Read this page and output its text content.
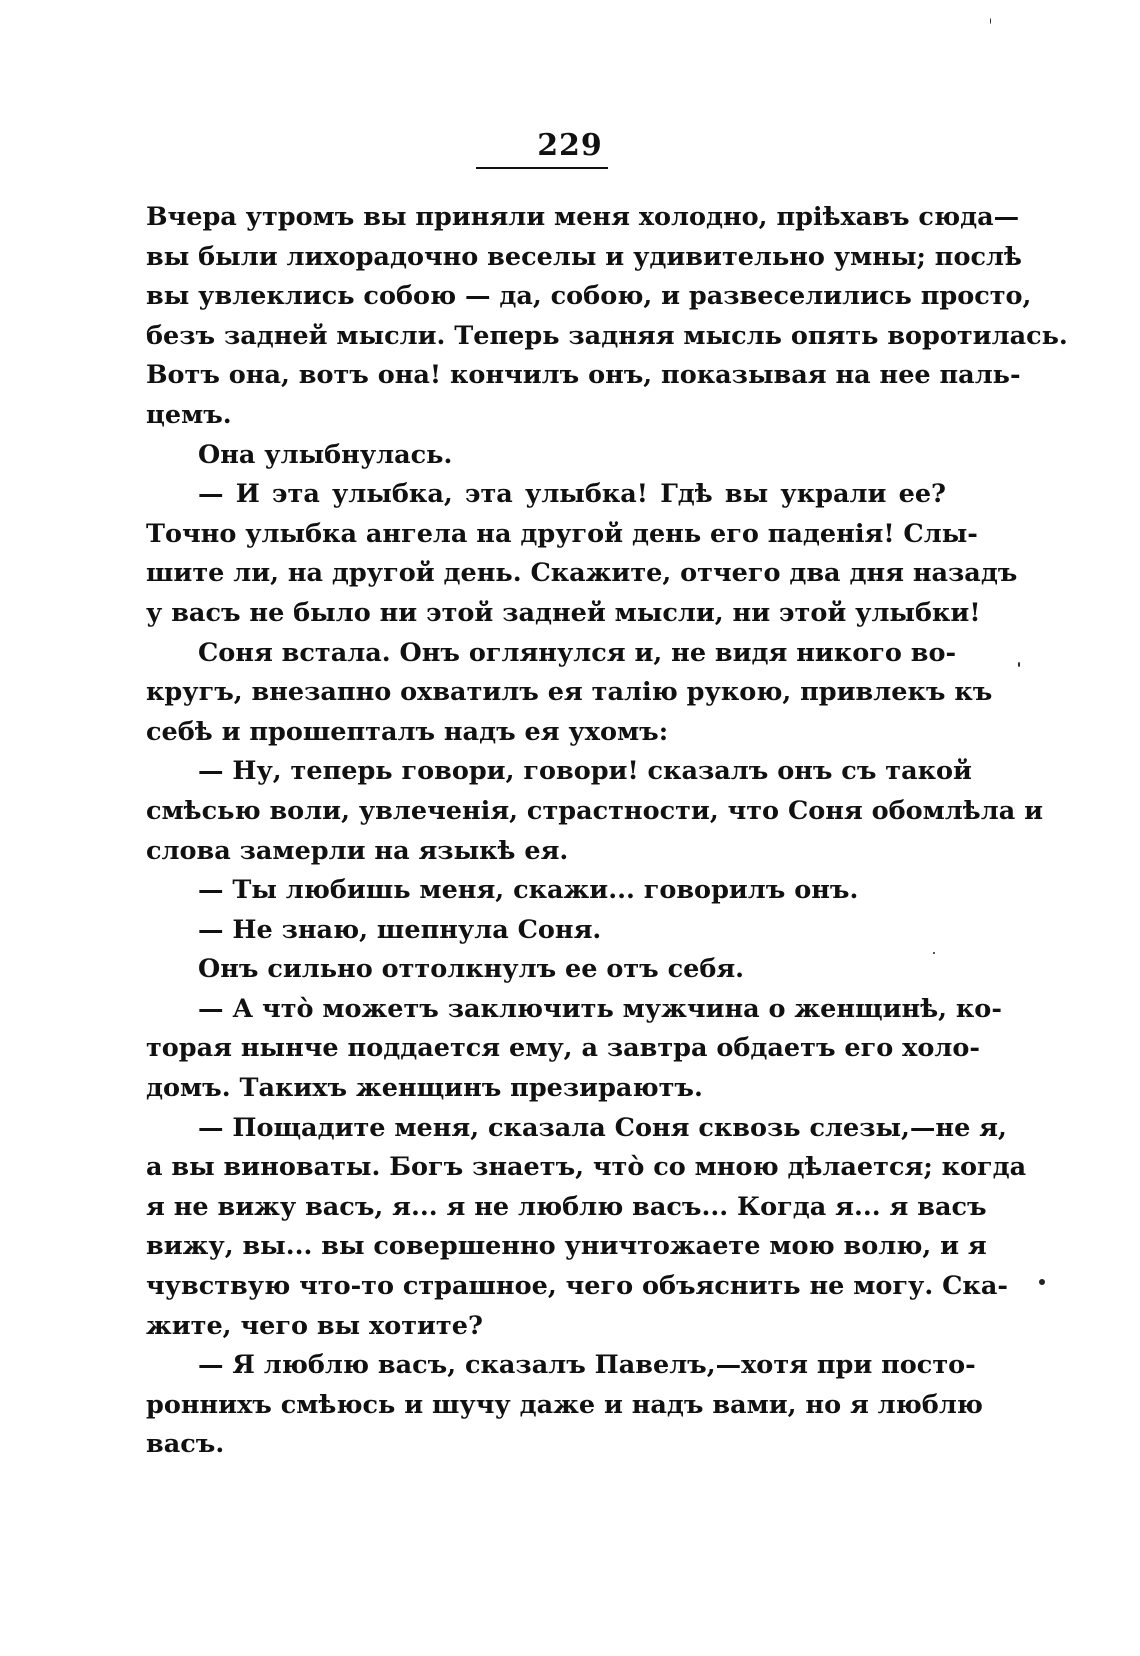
229
Вчера утромъ вы приняли меня холодно, прiѣхавъ сюда—
вы были лихорадочно веселы и удивительно умны; послѣ
вы увлеклись собою — да, собою, и развеселились просто,
безъ задней мысли. Теперь задняя мысль опять воротилась.
Вотъ она, вотъ она! кончилъ онъ, показывая на нее паль-
цемъ.
Она улыбнулась.
— И эта улыбка, эта улыбка! Гдѣ вы украли ее?
Точно улыбка ангела на другой день его паденiя! Слы-
шите ли, на другой день. Скажите, отчего два дня назадъ
у васъ не было ни этой задней мысли, ни этой улыбки!
Соня встала. Онъ оглянулся и, не видя никого во-
кругъ, внезапно охватилъ ея талiю рукою, привлекъ къ
себѣ и прошепталъ надъ ея ухомъ:
— Ну, теперь говори, говори! сказалъ онъ съ такой
смѣсью воли, увлеченiя, страстности, что Соня обомлѣла и
слова замерли на языкѣ ея.
— Ты любишь меня, скажи... говорилъ онъ.
— Не знаю, шепнула Соня.
Онъ сильно оттолкнулъ ее отъ себя.
— А что̀ можетъ заключить мужчина о женщинѣ, ко-
торая нынче поддается ему, а завтра обдаетъ его холо-
домъ. Такихъ женщинъ презираютъ.
— Пощадите меня, сказала Соня сквозь слезы,—не я,
а вы виноваты. Богъ знаетъ, что̀ со мною дѣлается; когда
я не вижу васъ, я... я не люблю васъ... Когда я... я васъ
вижу, вы... вы совершенно уничтожаете мою волю, и я
чувствую что-то страшное, чего объяснить не могу. Ска-
жите, чего вы хотите?
— Я люблю васъ, сказалъ Павелъ,—хотя при посто-
роннихъ смѣюсь и шучу даже и надъ вами, но я люблю
васъ.
